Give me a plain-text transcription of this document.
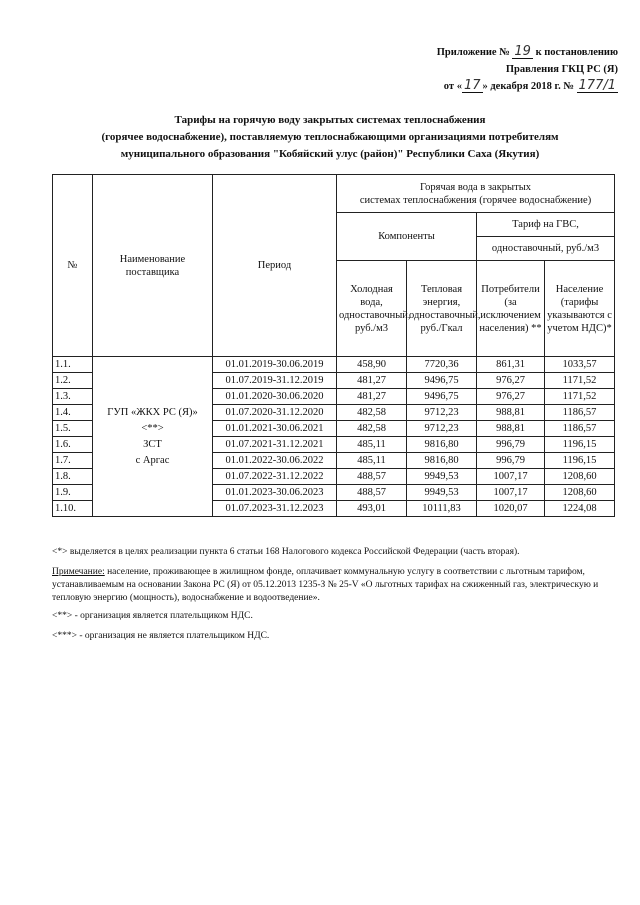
Приложение № 19 к постановлению
Правления ГКЦ РС (Я)
от « 17 » декабря 2018 г. № 177/1
Тарифы на горячую воду закрытых системах теплоснабжения
(горячее водоснабжение), поставляемую теплоснабжающими организациями потребителям
муниципального образования "Кобяйский улус (район)" Республики Саха (Якутия)
№	Наименование поставщика	Период	Горячая вода в закрытых
системах теплоснабжения (горячее водоснабжение)			

			Компоненты		Тариф на ГВС,	
					одноставочный, руб./м3	
			Холодная вода, одноставочный, руб./м3	Тепловая энергия, одноставочный, руб./Гкал	Потребители (за исключением населения) **	Население (тарифы указываются с учетом НДС)*
1.1.	ГУП «ЖКХ РС (Я)»
<**>
ЗСТ
с Аргас	01.01.2019-30.06.2019	458,90	7720,36	861,31	1033,57
1.2.		01.07.2019-31.12.2019	481,27	9496,75	976,27	1171,52
1.3.		01.01.2020-30.06.2020	481,27	9496,75	976,27	1171,52
1.4.		01.07.2020-31.12.2020	482,58	9712,23	988,81	1186,57
1.5.		01.01.2021-30.06.2021	482,58	9712,23	988,81	1186,57
1.6.		01.07.2021-31.12.2021	485,11	9816,80	996,79	1196,15
1.7.		01.01.2022-30.06.2022	485,11	9816,80	996,79	1196,15
1.8.		01.07.2022-31.12.2022	488,57	9949,53	1007,17	1208,60
1.9.		01.01.2023-30.06.2023	488,57	9949,53	1007,17	1208,60
1.10.		01.07.2023-31.12.2023	493,01	10111,83	1020,07	1224,08
<*> выделяется в целях реализации пункта 6 статьи 168 Налогового кодекса Российской Федерации (часть вторая).
Примечание: население, проживающее в жилищном фонде, оплачивает коммунальную услугу в соответствии с льготным тарифом, устанавливаемым на основании Закона РС (Я) от 05.12.2013 1235-З № 25-V «О льготных тарифах на сжиженный газ, электрическую и тепловую энергию (мощность), водоснабжение и водоотведение».
<**> - организация является плательщиком НДС.
<***> - организация не является плательщиком НДС.
